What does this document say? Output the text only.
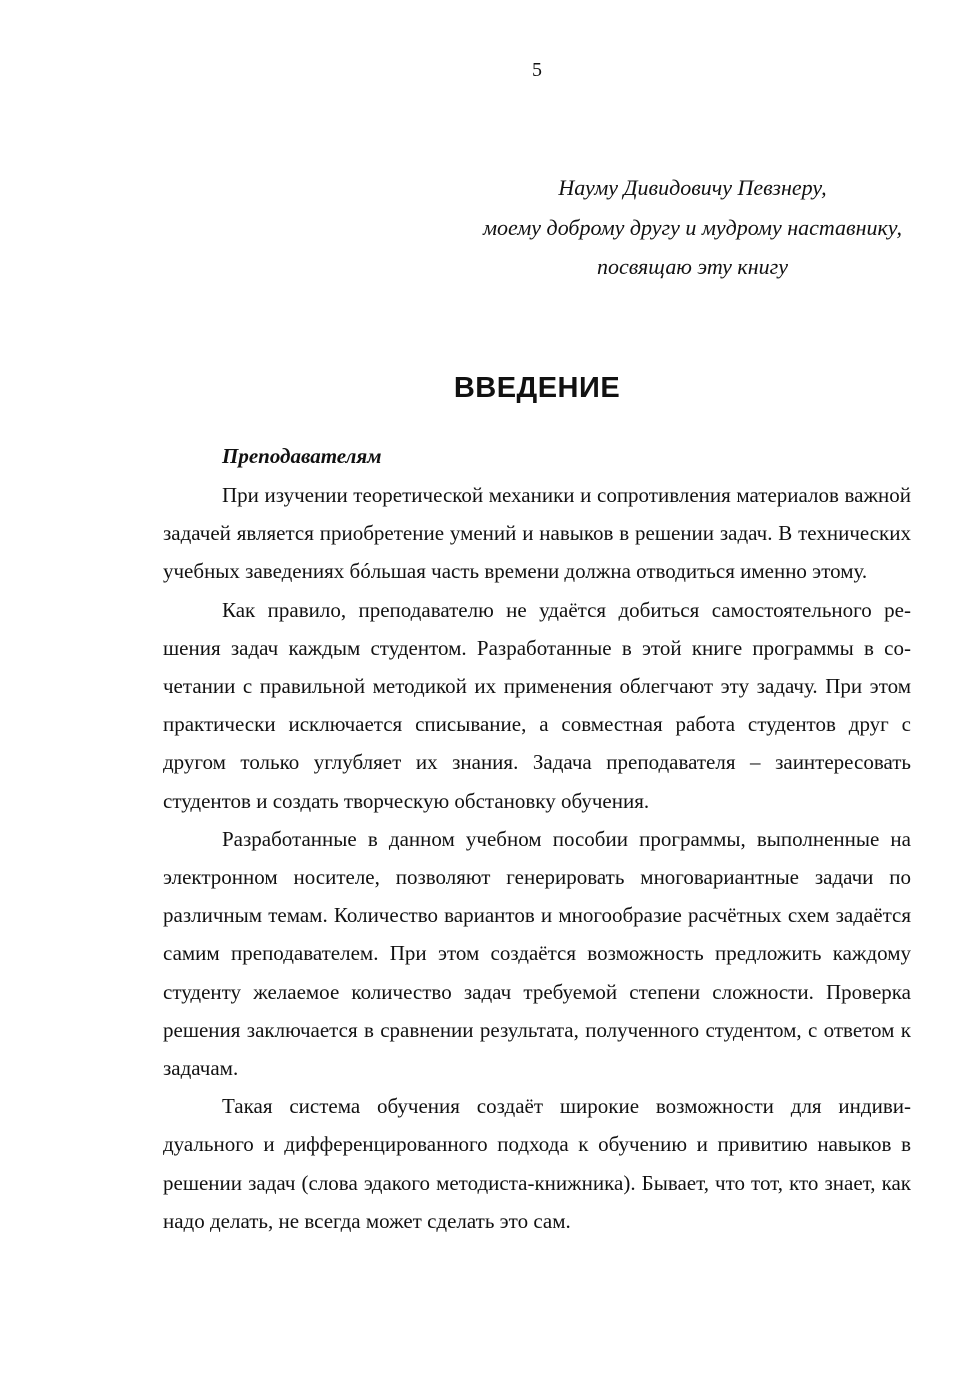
5
Науму Дивидовичу Певзнеру,
моему доброму другу и мудрому наставнику,
посвящаю эту книгу
ВВЕДЕНИЕ
Преподавателям

При изучении теоретической механики и сопротивления материалов важной задачей является приобретение умений и навыков в решении задач. В технических учебных заведениях бóльшая часть времени должна отводиться именно этому.

Как правило, преподавателю не удаётся добиться самостоятельного решения задач каждым студентом. Разработанные в этой книге программы в сочетании с правильной методикой их применения облегчают эту задачу. При этом практически исключается списывание, а совместная работа студентов друг с другом только углубляет их знания. Задача преподавателя – заинтересовать студентов и создать творческую обстановку обучения.

Разработанные в данном учебном пособии программы, выполненные на электронном носителе, позволяют генерировать многовариантные задачи по различным темам. Количество вариантов и многообразие расчётных схем задаётся самим преподавателем. При этом создаётся возможность предложить каждому студенту желаемое количество задач требуемой степени сложности. Проверка решения заключается в сравнении результата, полученного студентом, с ответом к задачам.

Такая система обучения создаёт широкие возможности для индивидуального и дифференцированного подхода к обучению и привитию навыков в решении задач (слова эдакого методиста-книжника). Бывает, что тот, кто знает, как надо делать, не всегда может сделать это сам.
